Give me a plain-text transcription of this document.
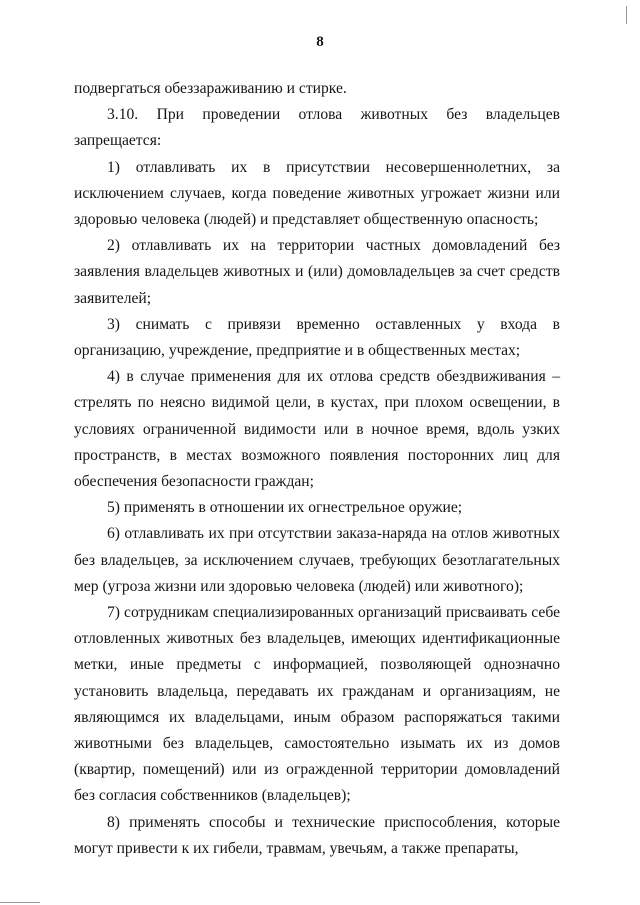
8

подвергаться обеззараживанию и стирке.

3.10. При проведении отлова животных без владельцев запрещается:

1) отлавливать их в присутствии несовершеннолетних, за исключением случаев, когда поведение животных угрожает жизни или здоровью человека (людей) и представляет общественную опасность;

2) отлавливать их на территории частных домовладений без заявления владельцев животных и (или) домовладельцев за счет средств заявителей;

3) снимать с привязи временно оставленных у входа в организацию, учреждение, предприятие и в общественных местах;

4) в случае применения для их отлова средств обездвиживания – стрелять по неясно видимой цели, в кустах, при плохом освещении, в условиях ограниченной видимости или в ночное время, вдоль узких пространств, в местах возможного появления посторонних лиц для обеспечения безопасности граждан;

5) применять в отношении их огнестрельное оружие;

6) отлавливать их при отсутствии заказа-наряда на отлов животных без владельцев, за исключением случаев, требующих безотлагательных мер (угроза жизни или здоровью человека (людей) или животного);

7) сотрудникам специализированных организаций присваивать себе отловленных животных без владельцев, имеющих идентификационные метки, иные предметы с информацией, позволяющей однозначно установить владельца, передавать их гражданам и организациям, не являющимся их владельцами, иным образом распоряжаться такими животными без владельцев, самостоятельно изымать их из домов (квартир, помещений) или из огражденной территории домовладений без согласия собственников (владельцев);

8) применять способы и технические приспособления, которые могут привести к их гибели, травмам, увечьям, а также препараты,
